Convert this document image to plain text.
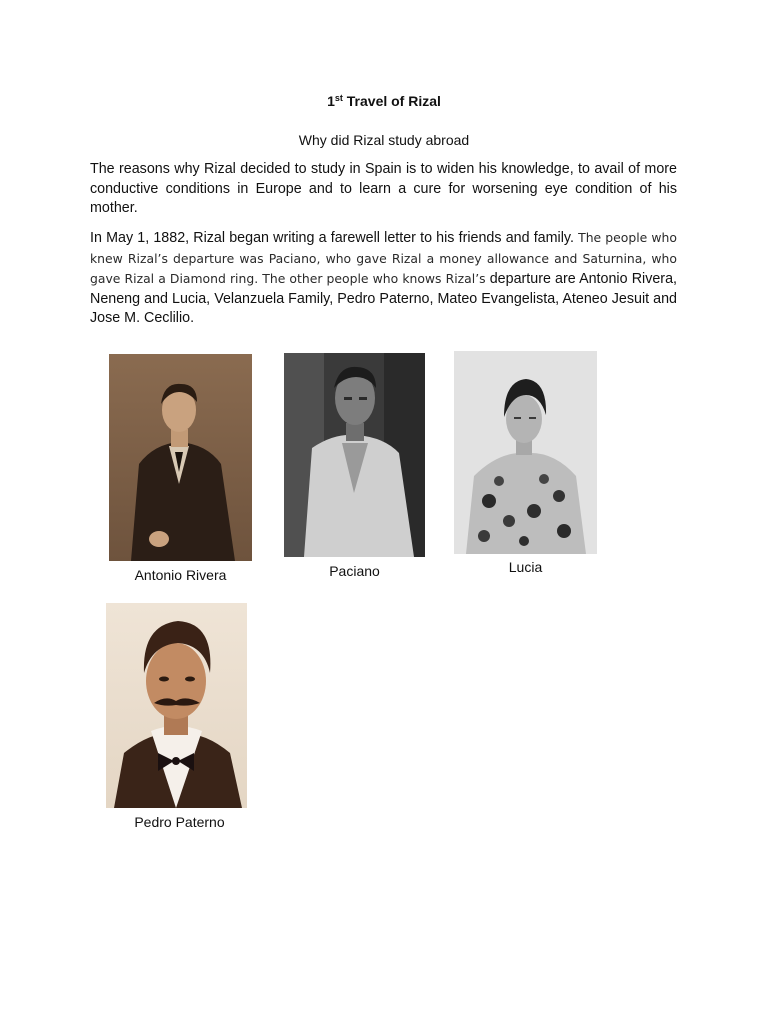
1st Travel of Rizal
Why did Rizal study abroad

The reasons why Rizal decided to study in Spain is to widen his knowledge, to avail of more conductive conditions in Europe and to learn a cure for worsening eye condition of his mother.

In May 1, 1882, Rizal began writing a farewell letter to his friends and family. The people who knew Rizal’s departure was Paciano, who gave Rizal a money allowance and Saturnina, who gave Rizal a Diamond ring. The other people who knows Rizal’s departure are Antonio Rivera, Neneng and Lucia, Velanzuela Family, Pedro Paterno, Mateo Evangelista, Ateneo Jesuit and Jose M. Ceclilio.

Antonio Rivera	Paciano	Lucia
Pedro Paterno
